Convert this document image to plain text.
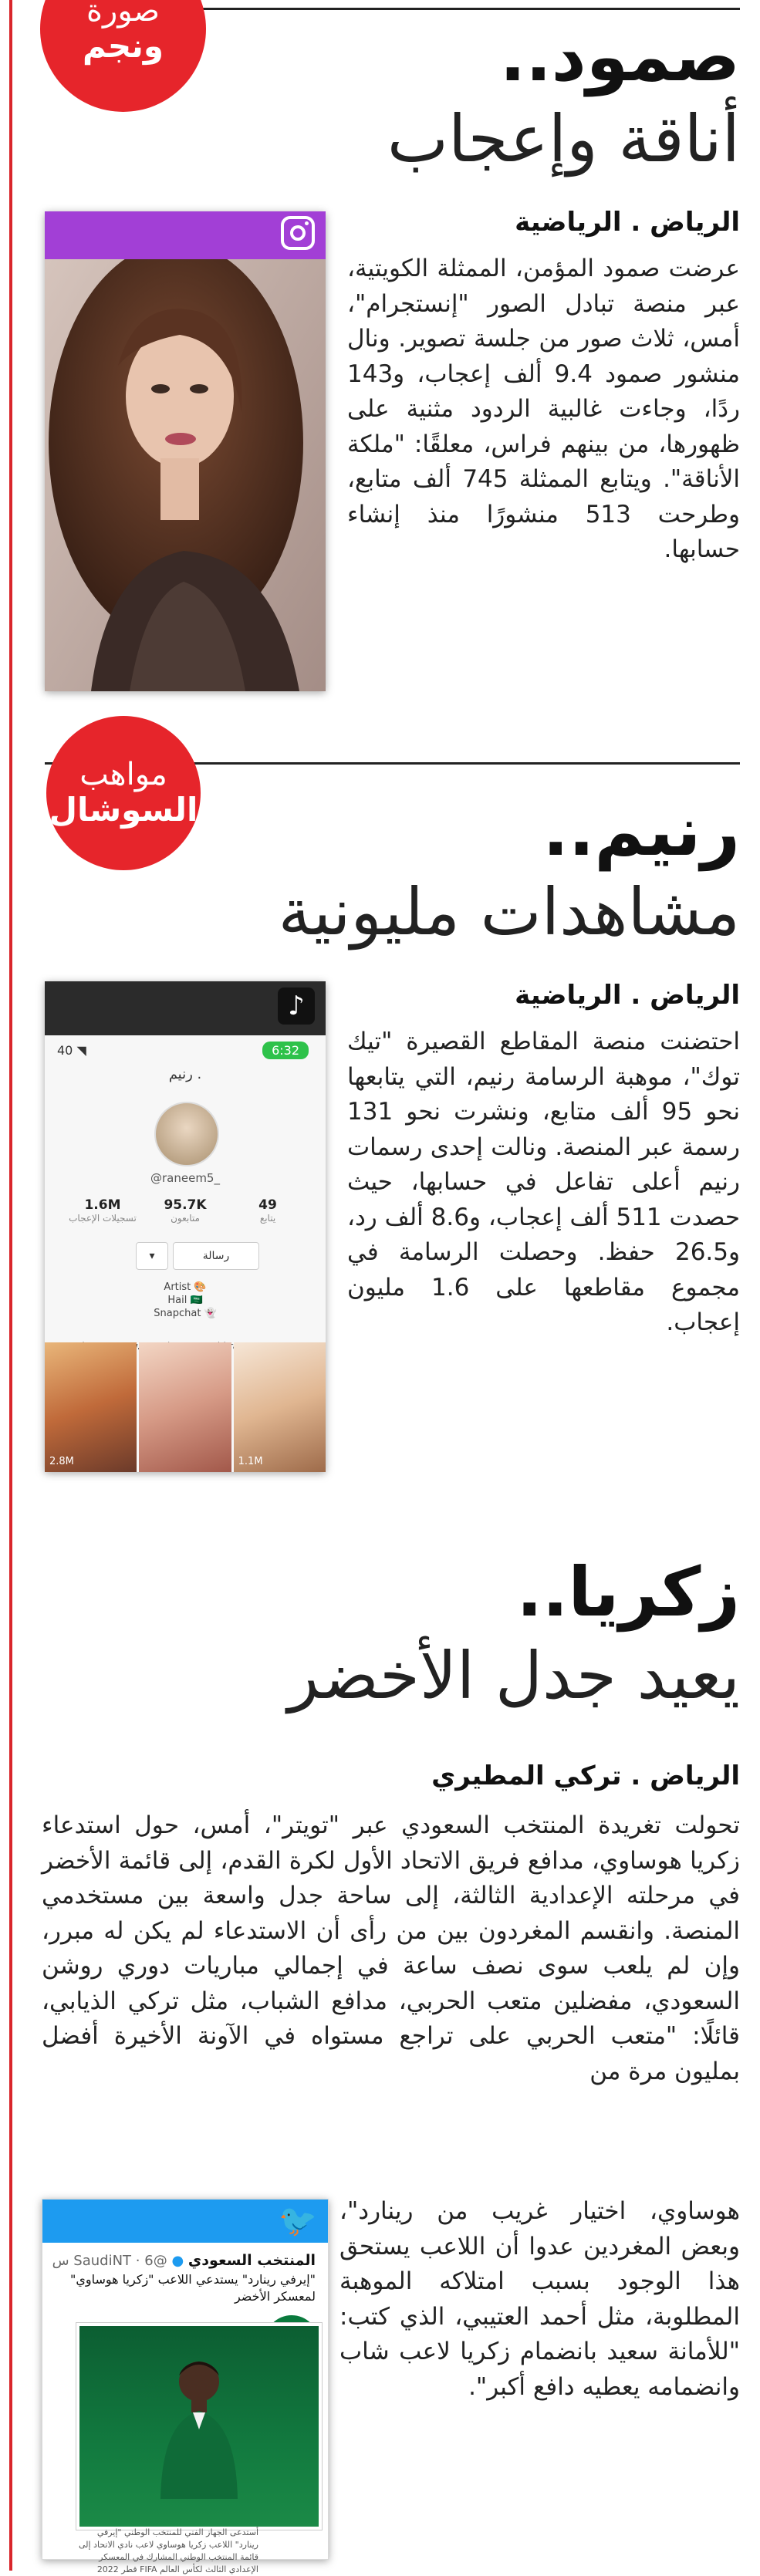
صورة
ونجم	صمود..
أناقة وإعجاب
الرياض . الرياضية
عرضت صمود المؤمن، الممثلة الكويتية، عبر منصة تبادل الصور "إنستجرام"، أمس، ثلاث صور من جلسة تصوير. ونال منشور صمود 9.4 ألف إعجاب، و143 ردًا، وجاءت غالبية الردود مثنية على ظهورها، من بينهم فراس، معلقًا: "ملكة الأناقة". ويتابع الممثلة 745 ألف متابع، وطرحت 513 منشورًا منذ إنشاء حسابها.
مواهب
السوشال	رنيم..
مشاهدات مليونية
الرياض . الرياضية
♪
40 ◥	6:32
رنيم .
@raneem5_
1.6M
تسجيلات الإعجاب
95.7K
متابعون
49
يتابع
▾	رسالة
Artist 🎨
Hail 🇸🇦
Snapchat 👻
2.8M	1.1M
احتضنت منصة المقاطع القصيرة "تيك توك"، موهبة الرسامة رنيم، التي يتابعها نحو 95 ألف متابع، ونشرت نحو 131 رسمة عبر المنصة. ونالت إحدى رسمات رنيم أعلى تفاعل في حسابها، حيث حصدت 511 ألف إعجاب، و8.6 ألف رد، و26.5 حفظ. وحصلت الرسامة في مجموع مقاطعها على 1.6 مليون إعجاب.
زكريا..
يعيد جدل الأخضر
الرياض . تركي المطيري
تحولت تغريدة المنتخب السعودي عبر "تويتر"، أمس، حول استدعاء زكريا هوساوي، مدافع فريق الاتحاد الأول لكرة القدم، إلى قائمة الأخضر في مرحلته الإعدادية الثالثة، إلى ساحة جدل واسعة بين مستخدمي المنصة. وانقسم المغردون بين من رأى أن الاستدعاء لم يكن له مبرر، وإن لم يلعب سوى نصف ساعة في إجمالي مباريات دوري روشن السعودي، مفضلين متعب الحربي، مدافع الشباب، مثل تركي الذيابي، قائلًا: "متعب الحربي على تراجع مستواه في الآونة الأخيرة أفضل بمليون مرة من
هوساوي، اختيار غريب من رينارد"، وبعض المغردين عدوا أن اللاعب يستحق هذا الوجود بسبب امتلاكه الموهبة المطلوبة، مثل أحمد العتيبي، الذي كتب: "للأمانة سعيد بانضمام زكريا لاعب شاب وانضمامه يعطيه دافع أكبر".
🐦
المنتخب السعودي ● @SaudiNT · 6 س
"إيرفي رينارد" يستدعي اللاعب "زكريا هوساوي" لمعسكر الأخضر
أستدعى الجهاز الفني للمنتخب الوطني "إيرفي رينارد" اللاعب زكريا هوساوي لاعب نادي الاتحاد إلى قائمة المنتخب الوطني المشارك في المعسكر الإعدادي الثالث لكأس العالم FIFA قطر 2022
